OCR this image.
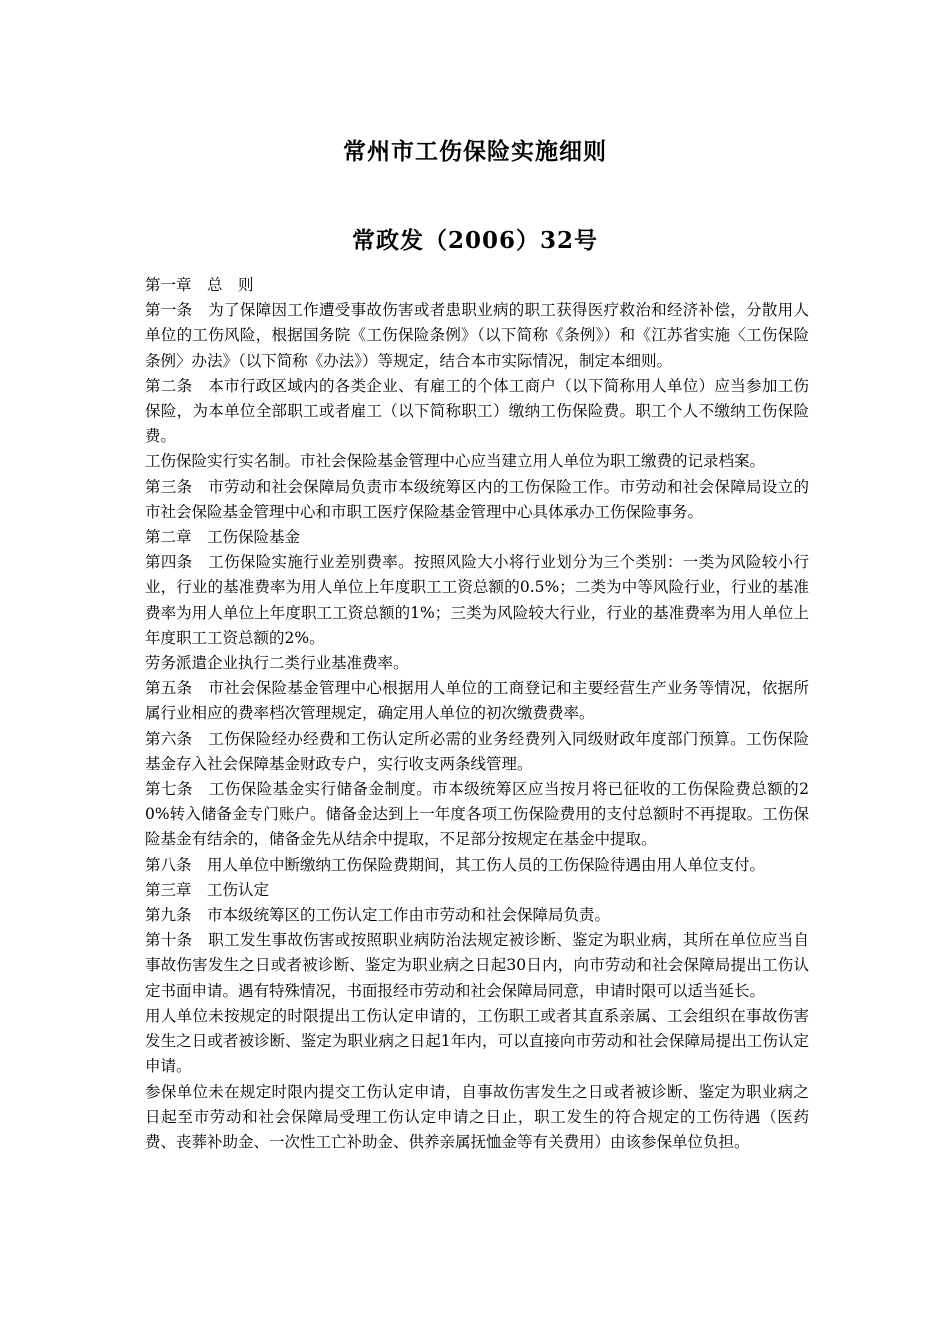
常州市工伤保险实施细则
常政发（2006）32号

第一章　总　则

第一条　为了保障因工作遭受事故伤害或者患职业病的职工获得医疗救治和经济补偿，分散用人单位的工伤风险，根据国务院《工伤保险条例》（以下简称《条例》）和《江苏省实施〈工伤保险条例〉办法》（以下简称《办法》）等规定，结合本市实际情况，制定本细则。

第二条　本市行政区域内的各类企业、有雇工的个体工商户（以下简称用人单位）应当参加工伤保险，为本单位全部职工或者雇工（以下简称职工）缴纳工伤保险费。职工个人不缴纳工伤保险费。

工伤保险实行实名制。市社会保险基金管理中心应当建立用人单位为职工缴费的记录档案。

第三条　市劳动和社会保障局负责市本级统筹区内的工伤保险工作。市劳动和社会保障局设立的市社会保险基金管理中心和市职工医疗保险基金管理中心具体承办工伤保险事务。

第二章　工伤保险基金

第四条　工伤保险实施行业差别费率。按照风险大小将行业划分为三个类别：一类为风险较小行业，行业的基准费率为用人单位上年度职工工资总额的0.5%；二类为中等风险行业，行业的基准费率为用人单位上年度职工工资总额的1%；三类为风险较大行业，行业的基准费率为用人单位上年度职工工资总额的2%。

劳务派遣企业执行二类行业基准费率。

第五条　市社会保险基金管理中心根据用人单位的工商登记和主要经营生产业务等情况，依据所属行业相应的费率档次管理规定，确定用人单位的初次缴费费率。

第六条　工伤保险经办经费和工伤认定所必需的业务经费列入同级财政年度部门预算。工伤保险基金存入社会保障基金财政专户，实行收支两条线管理。

第七条　工伤保险基金实行储备金制度。市本级统筹区应当按月将已征收的工伤保险费总额的20%转入储备金专门账户。储备金达到上一年度各项工伤保险费用的支付总额时不再提取。工伤保险基金有结余的，储备金先从结余中提取，不足部分按规定在基金中提取。

第八条　用人单位中断缴纳工伤保险费期间，其工伤人员的工伤保险待遇由用人单位支付。

第三章　工伤认定

第九条　市本级统筹区的工伤认定工作由市劳动和社会保障局负责。

第十条　职工发生事故伤害或按照职业病防治法规定被诊断、鉴定为职业病，其所在单位应当自事故伤害发生之日或者被诊断、鉴定为职业病之日起30日内，向市劳动和社会保障局提出工伤认定书面申请。遇有特殊情况，书面报经市劳动和社会保障局同意，申请时限可以适当延长。

用人单位未按规定的时限提出工伤认定申请的，工伤职工或者其直系亲属、工会组织在事故伤害发生之日或者被诊断、鉴定为职业病之日起1年内，可以直接向市劳动和社会保障局提出工伤认定申请。

参保单位未在规定时限内提交工伤认定申请，自事故伤害发生之日或者被诊断、鉴定为职业病之日起至市劳动和社会保障局受理工伤认定申请之日止，职工发生的符合规定的工伤待遇（医药费、丧葬补助金、一次性工亡补助金、供养亲属抚恤金等有关费用）由该参保单位负担。
